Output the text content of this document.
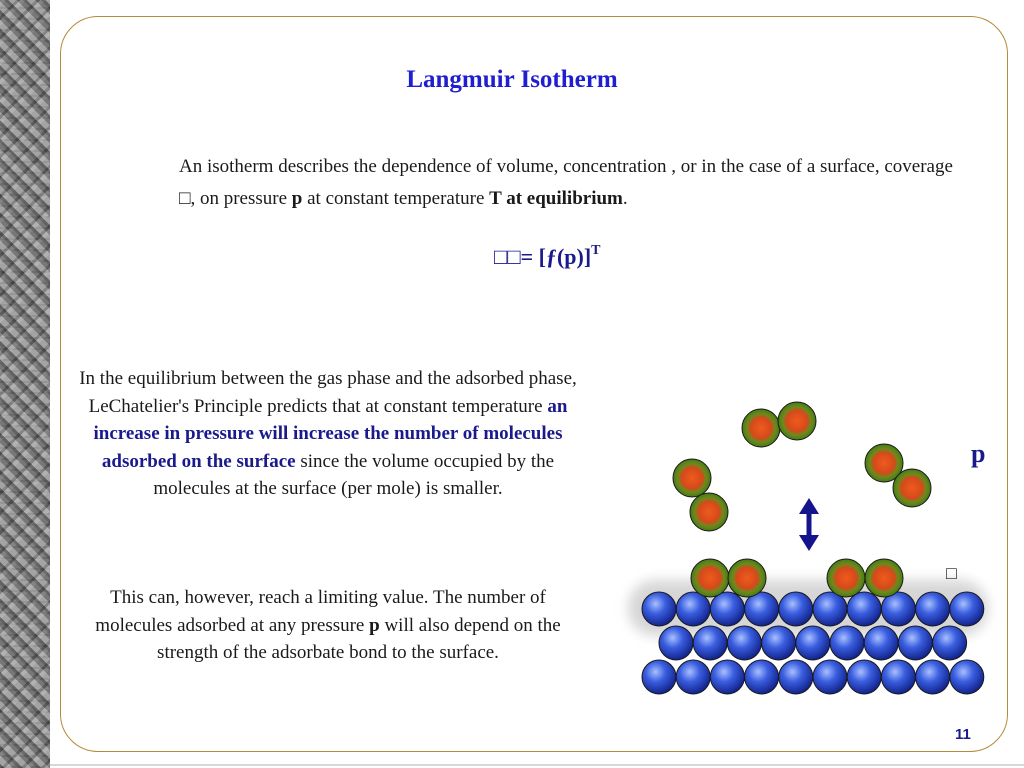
Langmuir Isotherm
An isotherm describes the dependence of volume, concentration , or in the case of a surface, coverage □, on pressure p at constant temperature T at equilibrium.
□□= [ƒ(p)]$^T$
In the equilibrium between the gas phase and the adsorbed phase, LeChatelier's Principle predicts that at constant temperature an increase in pressure will increase the number of molecules adsorbed on the surface since the volume occupied by the molecules at the surface (per mole) is smaller.
This can, however, reach a limiting value. The number of molecules adsorbed at any pressure p will also depend on the strength of the adsorbate bond to the surface.
p
□
11
